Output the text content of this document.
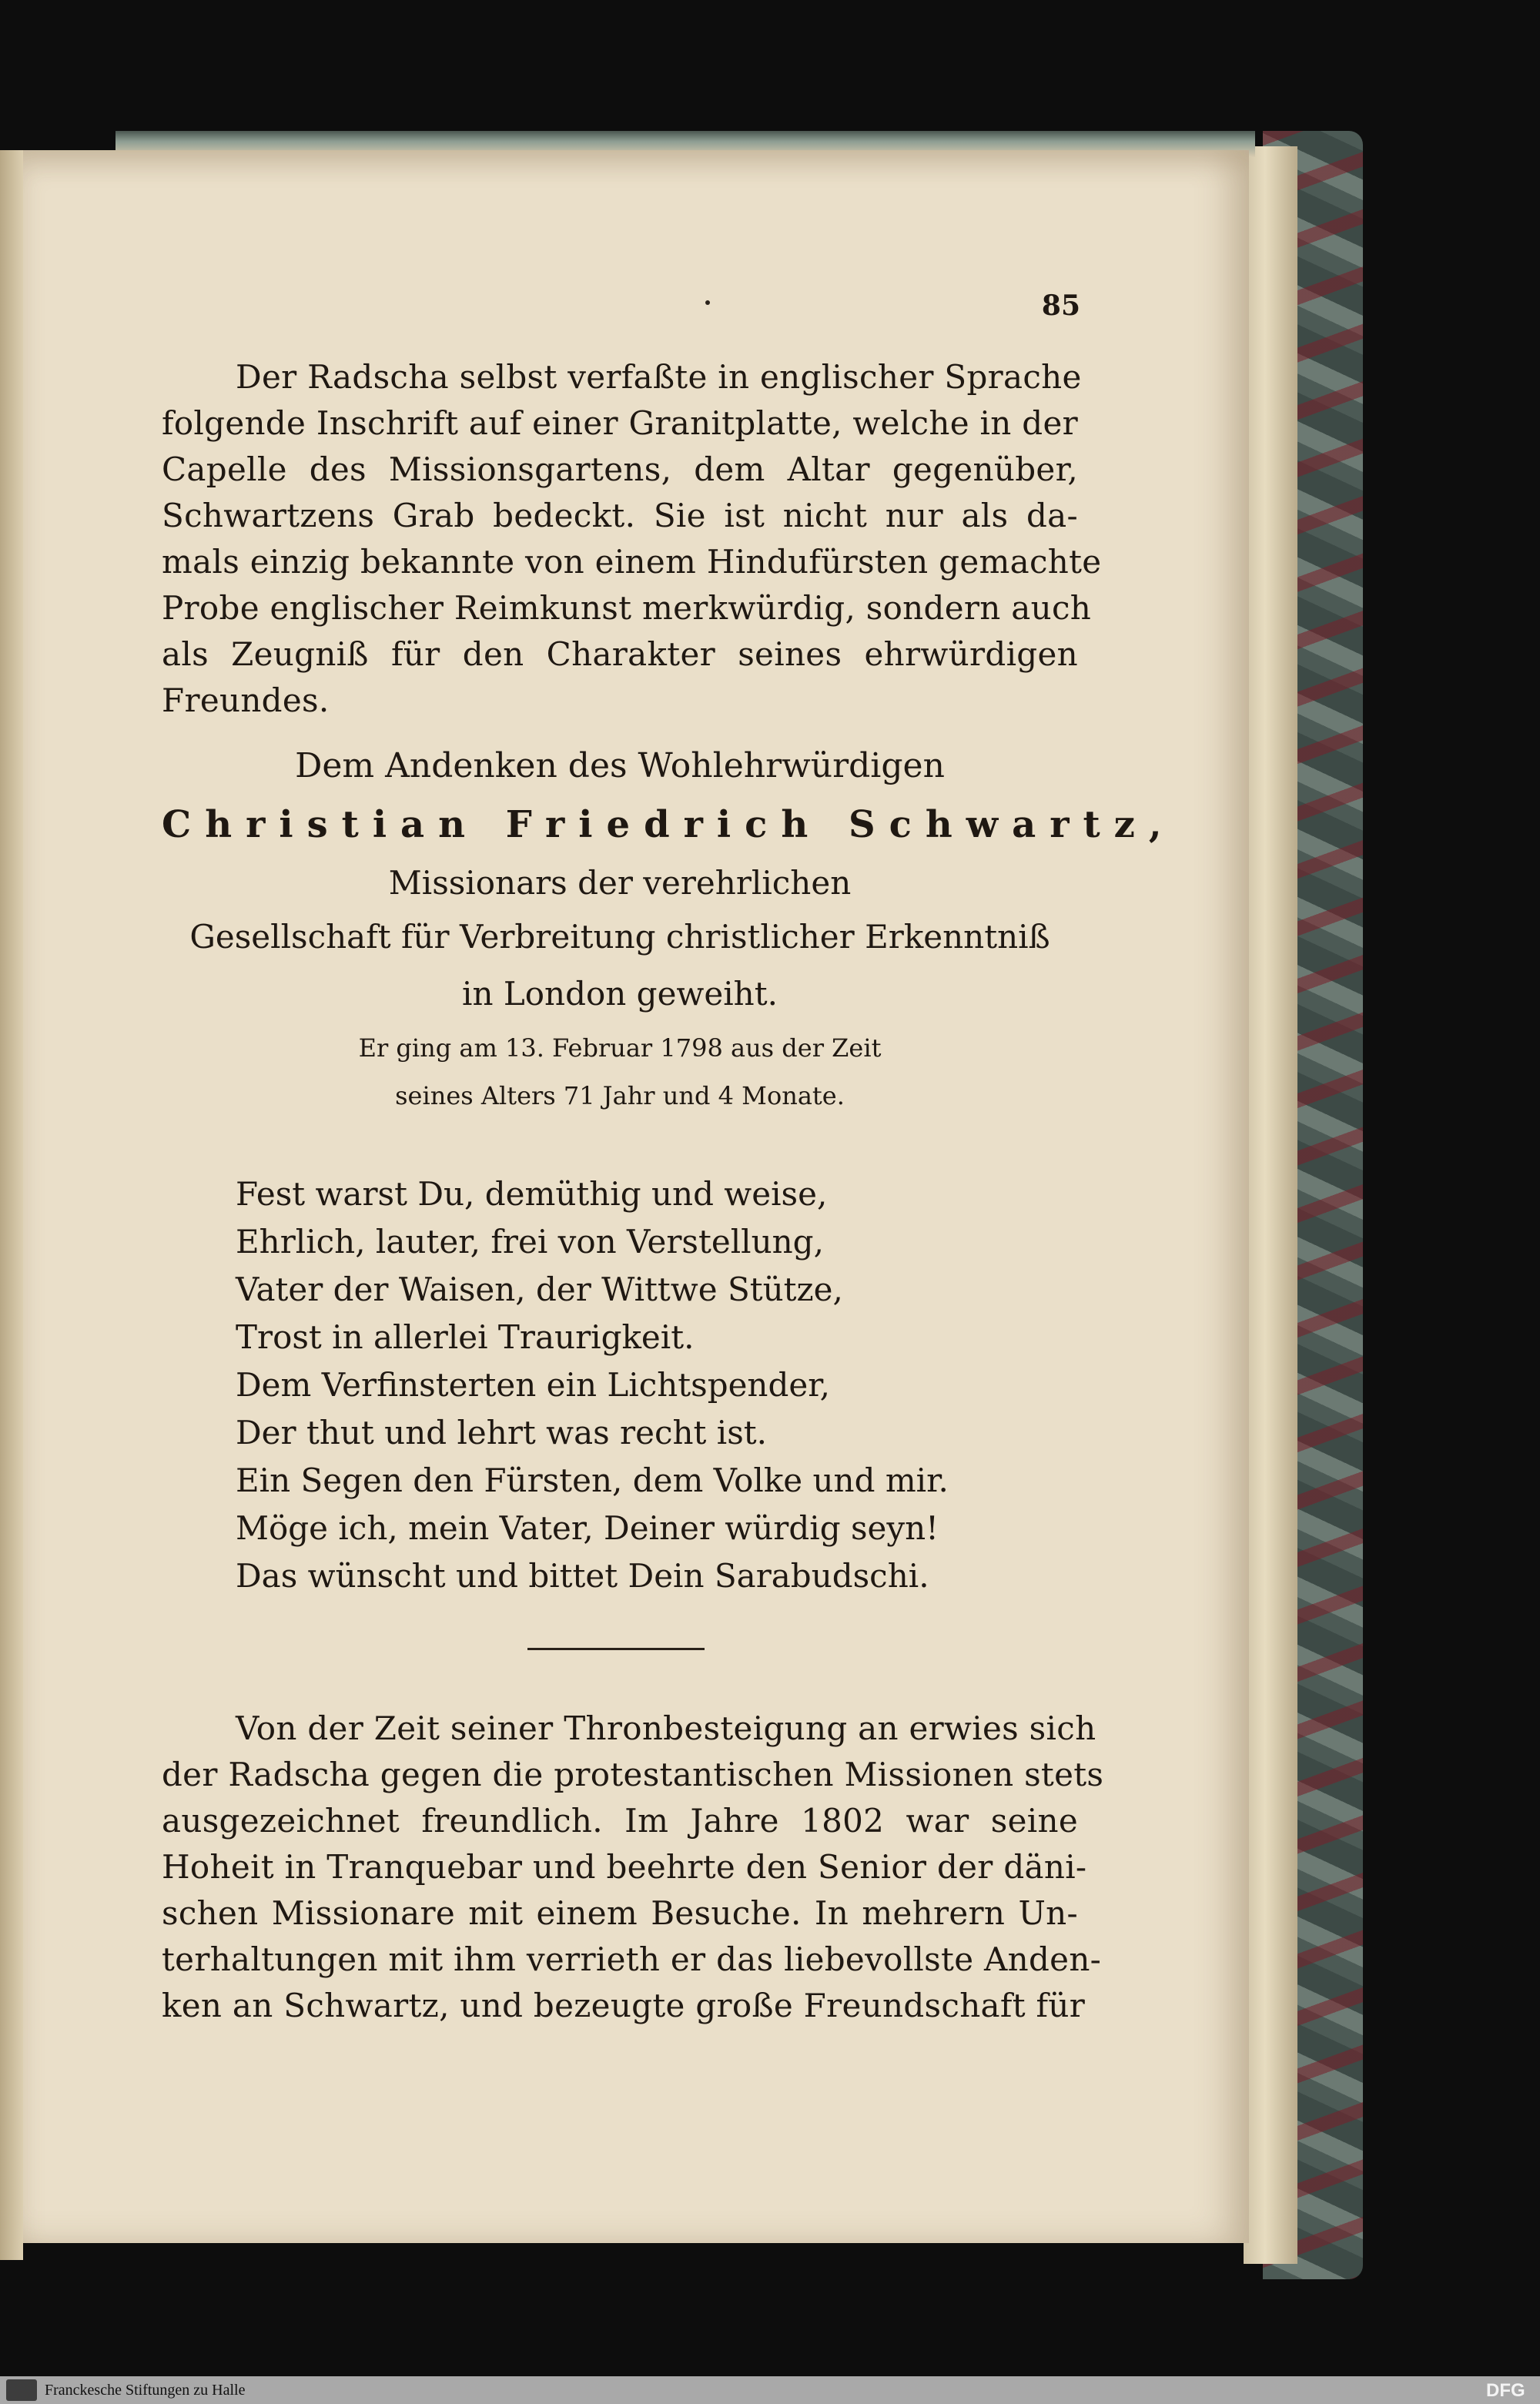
85
Der Radscha selbst verfaßte in englischer Sprache
folgende Inschrift auf einer Granitplatte, welche in der
Capelle des Missionsgartens, dem Altar gegenüber,
Schwartzens Grab bedeckt. Sie ist nicht nur als da-
mals einzig bekannte von einem Hindufürsten gemachte
Probe englischer Reimkunst merkwürdig, sondern auch
als Zeugniß für den Charakter seines ehrwürdigen
Freundes.
Dem Andenken des Wohlehrwürdigen
Christian Friedrich Schwartz,
Missionars der verehrlichen
Gesellschaft für Verbreitung christlicher Erkenntniß
in London geweiht.
Er ging am 13. Februar 1798 aus der Zeit
seines Alters 71 Jahr und 4 Monate.
Fest warst Du, demüthig und weise,
Ehrlich, lauter, frei von Verstellung,
Vater der Waisen, der Wittwe Stütze,
Trost in allerlei Traurigkeit.
Dem Verfinsterten ein Lichtspender,
Der thut und lehrt was recht ist.
Ein Segen den Fürsten, dem Volke und mir.
Möge ich, mein Vater, Deiner würdig seyn!
Das wünscht und bittet Dein Sarabudschi.
Von der Zeit seiner Thronbesteigung an erwies sich
der Radscha gegen die protestantischen Missionen stets
ausgezeichnet freundlich. Im Jahre 1802 war seine
Hoheit in Tranquebar und beehrte den Senior der däni-
schen Missionare mit einem Besuche. In mehrern Un-
terhaltungen mit ihm verrieth er das liebevollste Anden-
ken an Schwartz, und bezeugte große Freundschaft für
Franckesche Stiftungen zu Halle	DFG
